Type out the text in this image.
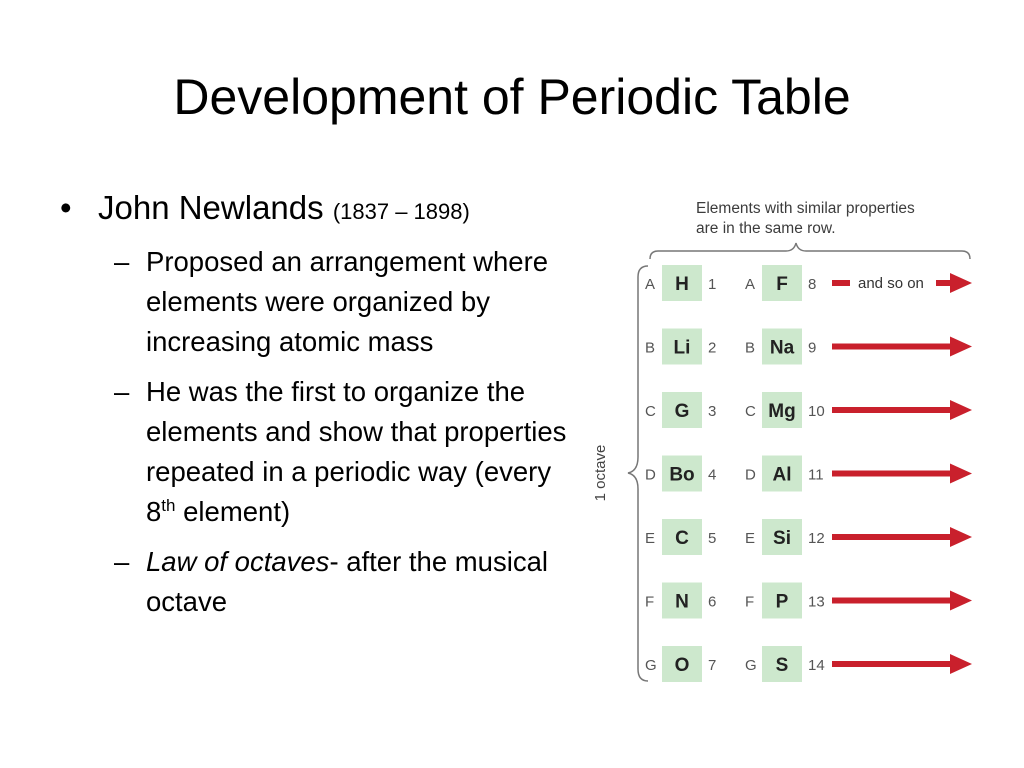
Development of Periodic Table
• John Newlands (1837 – 1898)
– Proposed an arrangement where elements were organized by increasing atomic mass
– He was the first to organize the elements and show that properties repeated in a periodic way (every 8th element)
– Law of octaves- after the musical octave
Elements with similar properties
are in the same row.
1 octave
A H 1 A F 8	and so on
B Li 2 B Na 9
C G 3 C Mg 10
D Bo 4 D Al 11
E C 5 E Si 12
F N 6 F P 13
G O 7 G S 14
